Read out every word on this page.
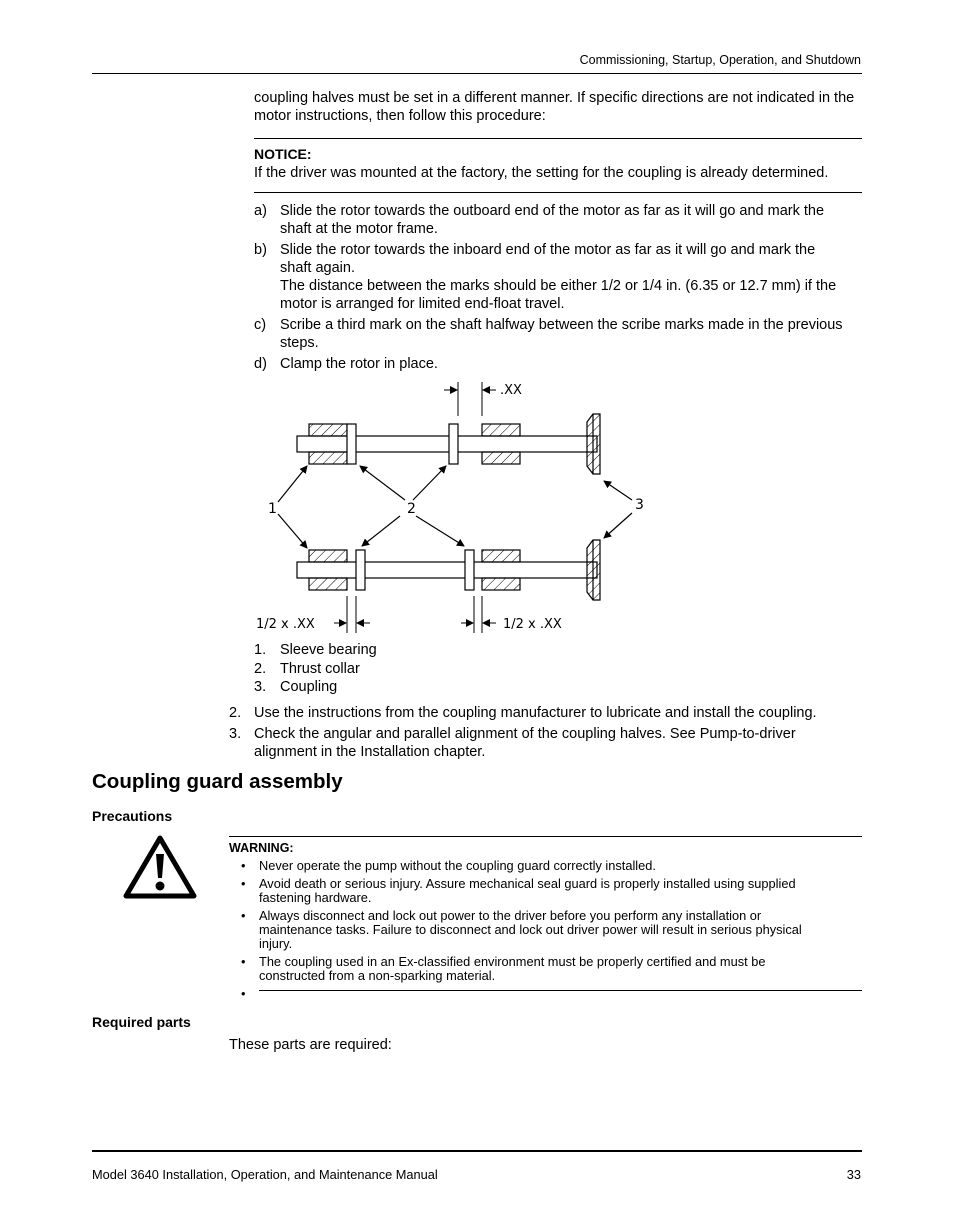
Commissioning, Startup, Operation, and Shutdown
coupling halves must be set in a different manner. If specific directions are not indicated in the motor instructions, then follow this procedure:
NOTICE:
If the driver was mounted at the factory, the setting for the coupling is already determined.
a) Slide the rotor towards the outboard end of the motor as far as it will go and mark the
shaft at the motor frame.
b) Slide the rotor towards the inboard end of the motor as far as it will go and mark the
shaft again.
The distance between the marks should be either 1/2 or 1/4 in. (6.35 or 12.7 mm) if the
motor is arranged for limited end-float travel.
c) Scribe a third mark on the shaft halfway between the scribe marks made in the previous
steps.
d) Clamp the rotor in place.
.XX
1/2 x .XX	1/2 x .XX
1	2	3
1. Sleeve bearing
2. Thrust collar
3. Coupling
2. Use the instructions from the coupling manufacturer to lubricate and install the coupling.
3. Check the angular and parallel alignment of the coupling halves. See Pump-to-driver
alignment in the Installation chapter.
Coupling guard assembly
Precautions
WARNING:
• Never operate the pump without the coupling guard correctly installed.
• Avoid death or serious injury. Assure mechanical seal guard is properly installed using supplied
fastening hardware.
• Always disconnect and lock out power to the driver before you perform any installation or
maintenance tasks. Failure to disconnect and lock out driver power will result in serious physical
injury.
• The coupling used in an Ex-classified environment must be properly certified and must be
constructed from a non-sparking material.
•
Required parts
These parts are required:
Model 3640 Installation, Operation, and Maintenance Manual	33
